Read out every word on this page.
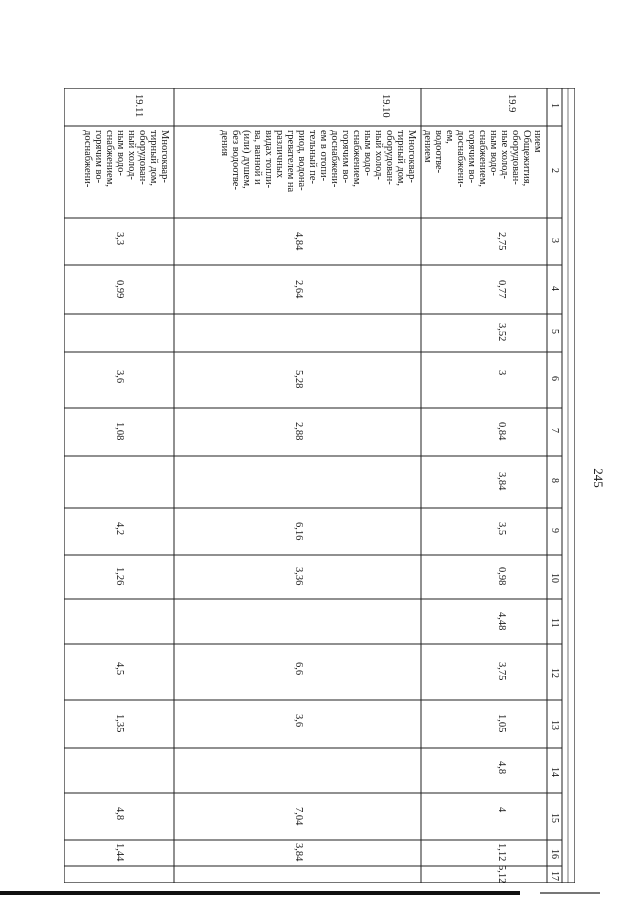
245
1
2
3
4
5
6
7
8
9
10
11
12
13
14
15
16
17
19.9
нием
Общежития,
оборудован-
ные холод-
ным водо-
снабжением,
горячим во-
доснабжени-
ем, водоотве-
дением
2,75
0,77
3,52
3
0,84
3,84
3,5
0,98
4,48
3,75
1,05
4,8
4
1,12
5,12
19.10
Многоквар-
тирный дом,
оборудован-
ный холод-
ным водо-
снабжением,
горячим во-
доснабжени-
ем в отопи-
тельный пе-
риод, водона-
гревателем на
различных
видах топли-
ва, ванной и
(или) душем,
без водоотве-
дения
4,84
2,64
5,28
2,88
6,16
3,36
6,6
3,6
7,04
3,84
19.11
Многоквар-
тирный дом,
оборудован-
ный холод-
ным водо-
снабжением,
горячим во-
доснабжени-
3,3
0,99
3,6
1,08
4,2
1,26
4,5
1,35
4,8
1,44
